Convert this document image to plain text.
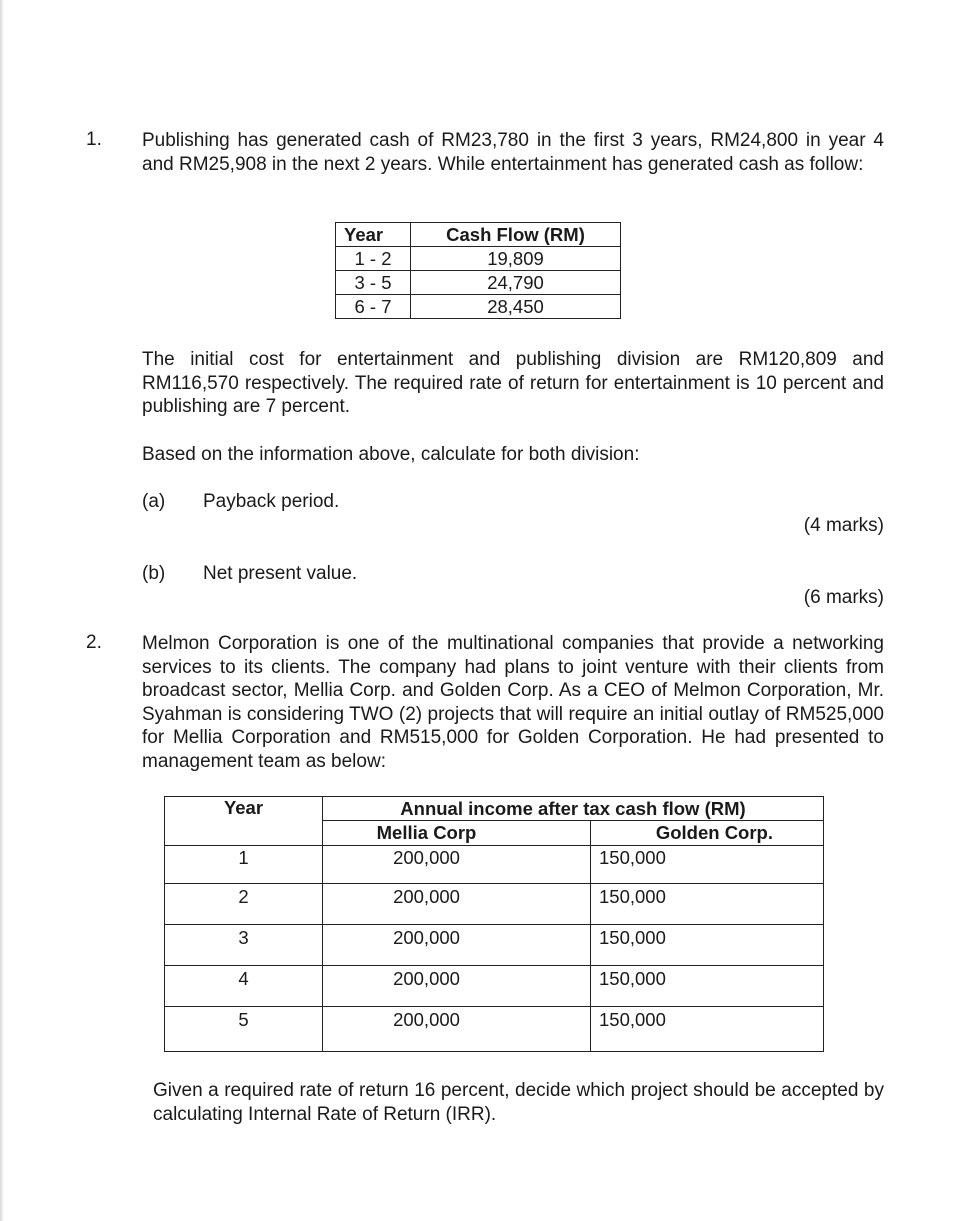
1. Publishing has generated cash of RM23,780 in the first 3 years, RM24,800 in year 4 and RM25,908 in the next 2 years. While entertainment has generated cash as follow:

Year	Cash Flow (RM)
1 - 2	19,809
3 - 5	24,790
6 - 7	28,450

The initial cost for entertainment and publishing division are RM120,809 and RM116,570 respectively. The required rate of return for entertainment is 10 percent and publishing are 7 percent.

Based on the information above, calculate for both division:
(a) Payback period.
(4 marks)
(b) Net present value.
(6 marks)
2. Melmon Corporation is one of the multinational companies that provide a networking services to its clients. The company had plans to joint venture with their clients from broadcast sector, Mellia Corp. and Golden Corp. As a CEO of Melmon Corporation, Mr. Syahman is considering TWO (2) projects that will require an initial outlay of RM525,000 for Mellia Corporation and RM515,000 for Golden Corporation. He had presented to management team as below:

Year	Annual income after tax cash flow (RM)	
	Mellia Corp	Golden Corp.
1	200,000	150,000
2	200,000	150,000
3	200,000	150,000
4	200,000	150,000
5	200,000	150,000

Given a required rate of return 16 percent, decide which project should be accepted by calculating Internal Rate of Return (IRR).
